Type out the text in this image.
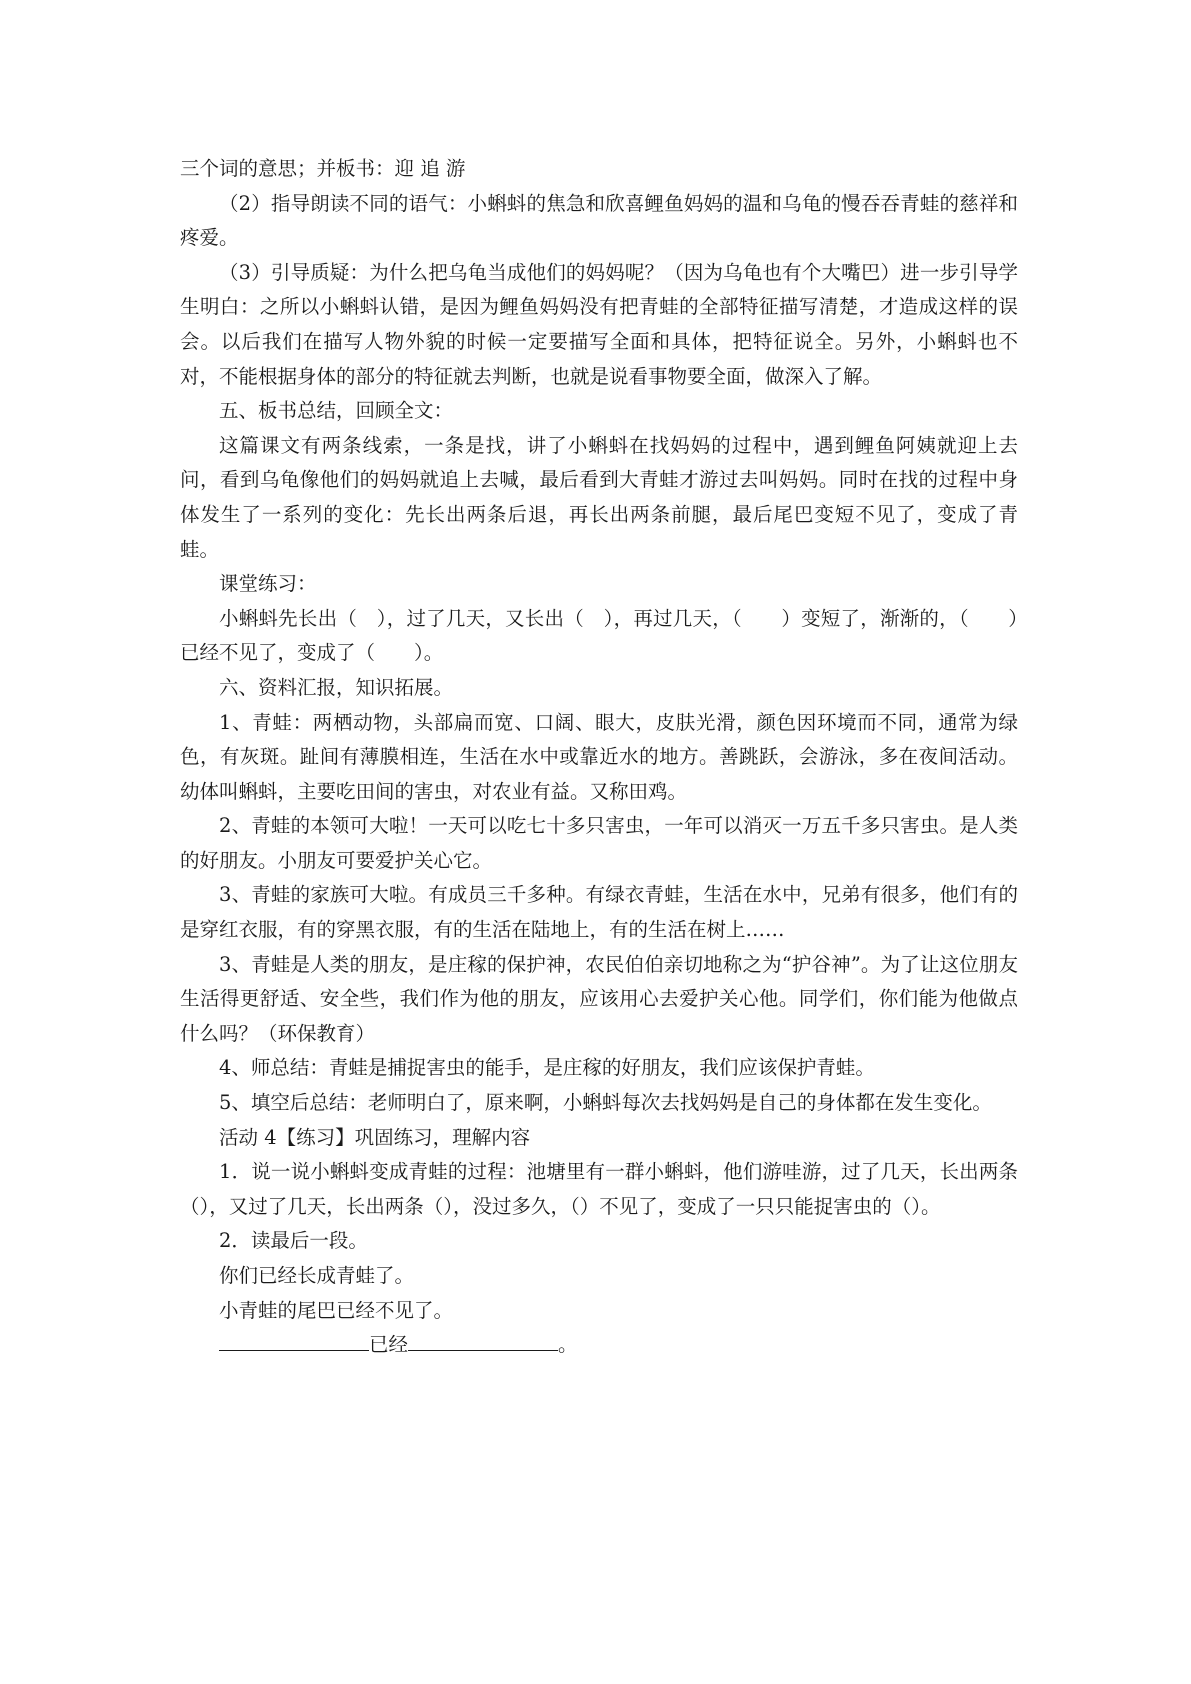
三个词的意思；并板书：迎 追 游

（2）指导朗读不同的语气：小蝌蚪的焦急和欣喜鲤鱼妈妈的温和乌龟的慢吞吞青蛙的慈祥和疼爱。

（3）引导质疑：为什么把乌龟当成他们的妈妈呢？（因为乌龟也有个大嘴巴）进一步引导学生明白：之所以小蝌蚪认错，是因为鲤鱼妈妈没有把青蛙的全部特征描写清楚，才造成这样的误会。以后我们在描写人物外貌的时候一定要描写全面和具体，把特征说全。另外，小蝌蚪也不对，不能根据身体的部分的特征就去判断，也就是说看事物要全面，做深入了解。

五、板书总结，回顾全文：

这篇课文有两条线索，一条是找，讲了小蝌蚪在找妈妈的过程中，遇到鲤鱼阿姨就迎上去问，看到乌龟像他们的妈妈就追上去喊，最后看到大青蛙才游过去叫妈妈。同时在找的过程中身体发生了一系列的变化：先长出两条后退，再长出两条前腿，最后尾巴变短不见了，变成了青蛙。

课堂练习：

小蝌蚪先长出（　），过了几天，又长出（　），再过几天，（　　）变短了，渐渐的，（　　）已经不见了，变成了（　　）。

六、资料汇报，知识拓展。

1、青蛙：两栖动物，头部扁而宽、口阔、眼大，皮肤光滑，颜色因环境而不同，通常为绿色，有灰斑。趾间有薄膜相连，生活在水中或靠近水的地方。善跳跃，会游泳，多在夜间活动。幼体叫蝌蚪，主要吃田间的害虫，对农业有益。又称田鸡。

2、青蛙的本领可大啦！一天可以吃七十多只害虫，一年可以消灭一万五千多只害虫。是人类的好朋友。小朋友可要爱护关心它。

3、青蛙的家族可大啦。有成员三千多种。有绿衣青蛙，生活在水中，兄弟有很多，他们有的是穿红衣服，有的穿黑衣服，有的生活在陆地上，有的生活在树上……

3、青蛙是人类的朋友，是庄稼的保护神，农民伯伯亲切地称之为“护谷神”。为了让这位朋友生活得更舒适、安全些，我们作为他的朋友，应该用心去爱护关心他。同学们，你们能为他做点什么吗？（环保教育）

4、师总结：青蛙是捕捉害虫的能手，是庄稼的好朋友，我们应该保护青蛙。

5、填空后总结：老师明白了，原来啊，小蝌蚪每次去找妈妈是自己的身体都在发生变化。

活动 4【练习】巩固练习，理解内容

1．说一说小蝌蚪变成青蛙的过程：池塘里有一群小蝌蚪，他们游哇游，过了几天，长出两条（），又过了几天，长出两条（），没过多久，（）不见了，变成了一只只能捉害虫的（）。

2．读最后一段。

你们已经长成青蛙了。

小青蛙的尾巴已经不见了。

已经	。
